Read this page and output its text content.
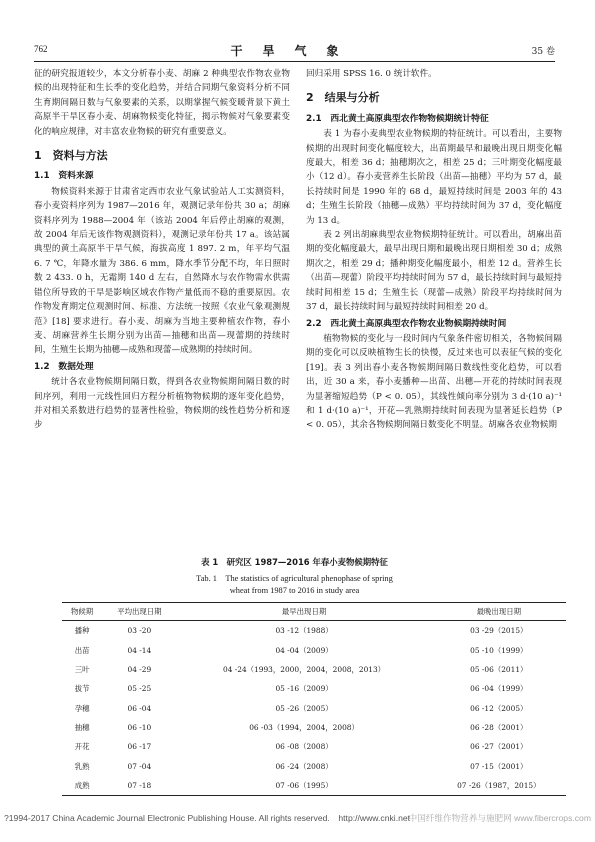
762	干旱气象	35 卷

征的研究报道较少，本文分析春小麦、胡麻 2 种典型农作物农业物候的出现特征和生长季的变化趋势，并结合同期气象资料分析不同生育期间隔日数与气象要素的关系，以期掌握气候变暖背景下黄土高原半干旱区春小麦、胡麻物候变化特征，揭示物候对气象要素变化的响应规律，对丰富农业物候的研究有重要意义。

1　资料与方法
1.1　资料来源

物候资料来源于甘肃省定西市农业气象试验站人工实测资料，春小麦资料序列为 1987—2016 年，观测记录年份共 30 a；胡麻资料序列为 1988—2004 年（该站 2004 年后停止胡麻的观测，故 2004 年后无该作物观测资料），观测记录年份共 17 a。该站属典型的黄土高原半干旱气候，海拔高度 1 897. 2 m，年平均气温 6. 7 ℃，年降水量为 386. 6 mm，降水季节分配不均，年日照时数 2 433. 0 h，无霜期 140 d 左右，自然降水与农作物需水供需错位所导致的干旱是影响区域农作物产量低而不稳的重要原因。农作物发育期定位观测时间、标准、方法统一按照《农业气象观测规范》[18] 要求进行。春小麦、胡麻为当地主要种植农作物，春小麦、胡麻营养生长期分别为出苗—抽穗和出苗—现蕾期的持续时间，生殖生长期为抽穗—成熟和现蕾—成熟期的持续时间。

1.2　数据处理

统计各农业物候期间隔日数，得到各农业物候期间隔日数的时间序列，利用一元线性回归方程分析植物物候期的逐年变化趋势，并对相关系数进行趋势的显著性检验，物候期的线性趋势分析和逐步

回归采用 SPSS 16. 0 统计软件。

2　结果与分析
2.1　西北黄土高原典型农作物物候期统计特征

表 1 为春小麦典型农业物候期的特征统计。可以看出，主要物候期的出现时间变化幅度较大，出苗期最早和最晚出现日期变化幅度最大，相差 36 d；抽穗期次之，相差 25 d；三叶期变化幅度最小（12 d）。春小麦营养生长阶段（出苗—抽穗）平均为 57 d，最长持续时间是 1990 年的 68 d，最短持续时间是 2003 年的 43 d；生殖生长阶段（抽穗—成熟）平均持续时间为 37 d，变化幅度为 13 d。

表 2 列出胡麻典型农业物候期特征统计。可以看出，胡麻出苗期的变化幅度最大，最早出现日期和最晚出现日期相差 30 d；成熟期次之，相差 29 d；播种期变化幅度最小，相差 12 d。营养生长（出苗—现蕾）阶段平均持续时间为 57 d，最长持续时间与最短持续时间相差 15 d；生殖生长（现蕾—成熟）阶段平均持续时间为 37 d，最长持续时间与最短持续时间相差 20 d。

2.2　西北黄土高原典型农作物农业物候期持续时间

植物物候的变化与一段时间内气象条件密切相关，各物候间隔期的变化可以反映植物生长的快慢，反过来也可以表征气候的变化[19]。表 3 列出春小麦各物候期间隔日数线性变化趋势，可以看出，近 30 a 来，春小麦播种—出苗、出穗—开花的持续时间表现为显著缩短趋势（P < 0. 05），其线性倾向率分别为 3 d·(10 a)⁻¹ 和 1 d·(10 a)⁻¹，开花—乳熟期持续时间表现为显著延长趋势（P < 0. 05），其余各物候期间隔日数变化不明显。胡麻各农业物候期

表 1　研究区 1987—2016 年春小麦物候期特征
Tab. 1　The statistics of agricultural phenophase of spring
wheat from 1987 to 2016 in study area
物候期	平均出现日期	最早出现日期	最晚出现日期
播种	03 -20	03 -12（1988）	03 -29（2015）
出苗	04 -14	04 -04（2009）	05 -10（1999）
三叶	04 -29	04 -24（1993，2000，2004，2008，2013）	05 -06（2011）
拔节	05 -25	05 -16（2009）	06 -04（1999）
孕穗	06 -04	05 -26（2005）	06 -12（2005）
抽穗	06 -10	06 -03（1994，2004，2008）	06 -28（2001）
开花	06 -17	06 -08（2008）	06 -27（2001）
乳熟	07 -04	06 -24（2008）	07 -15（2001）
成熟	07 -18	07 -06（1995）	07 -26（1987，2015）
?1994-2017 China Academic Journal Electronic Publishing House. All rights reserved.　http://www.cnki.net
中国纤维作物营养与施肥网 www.fibercrops.com
